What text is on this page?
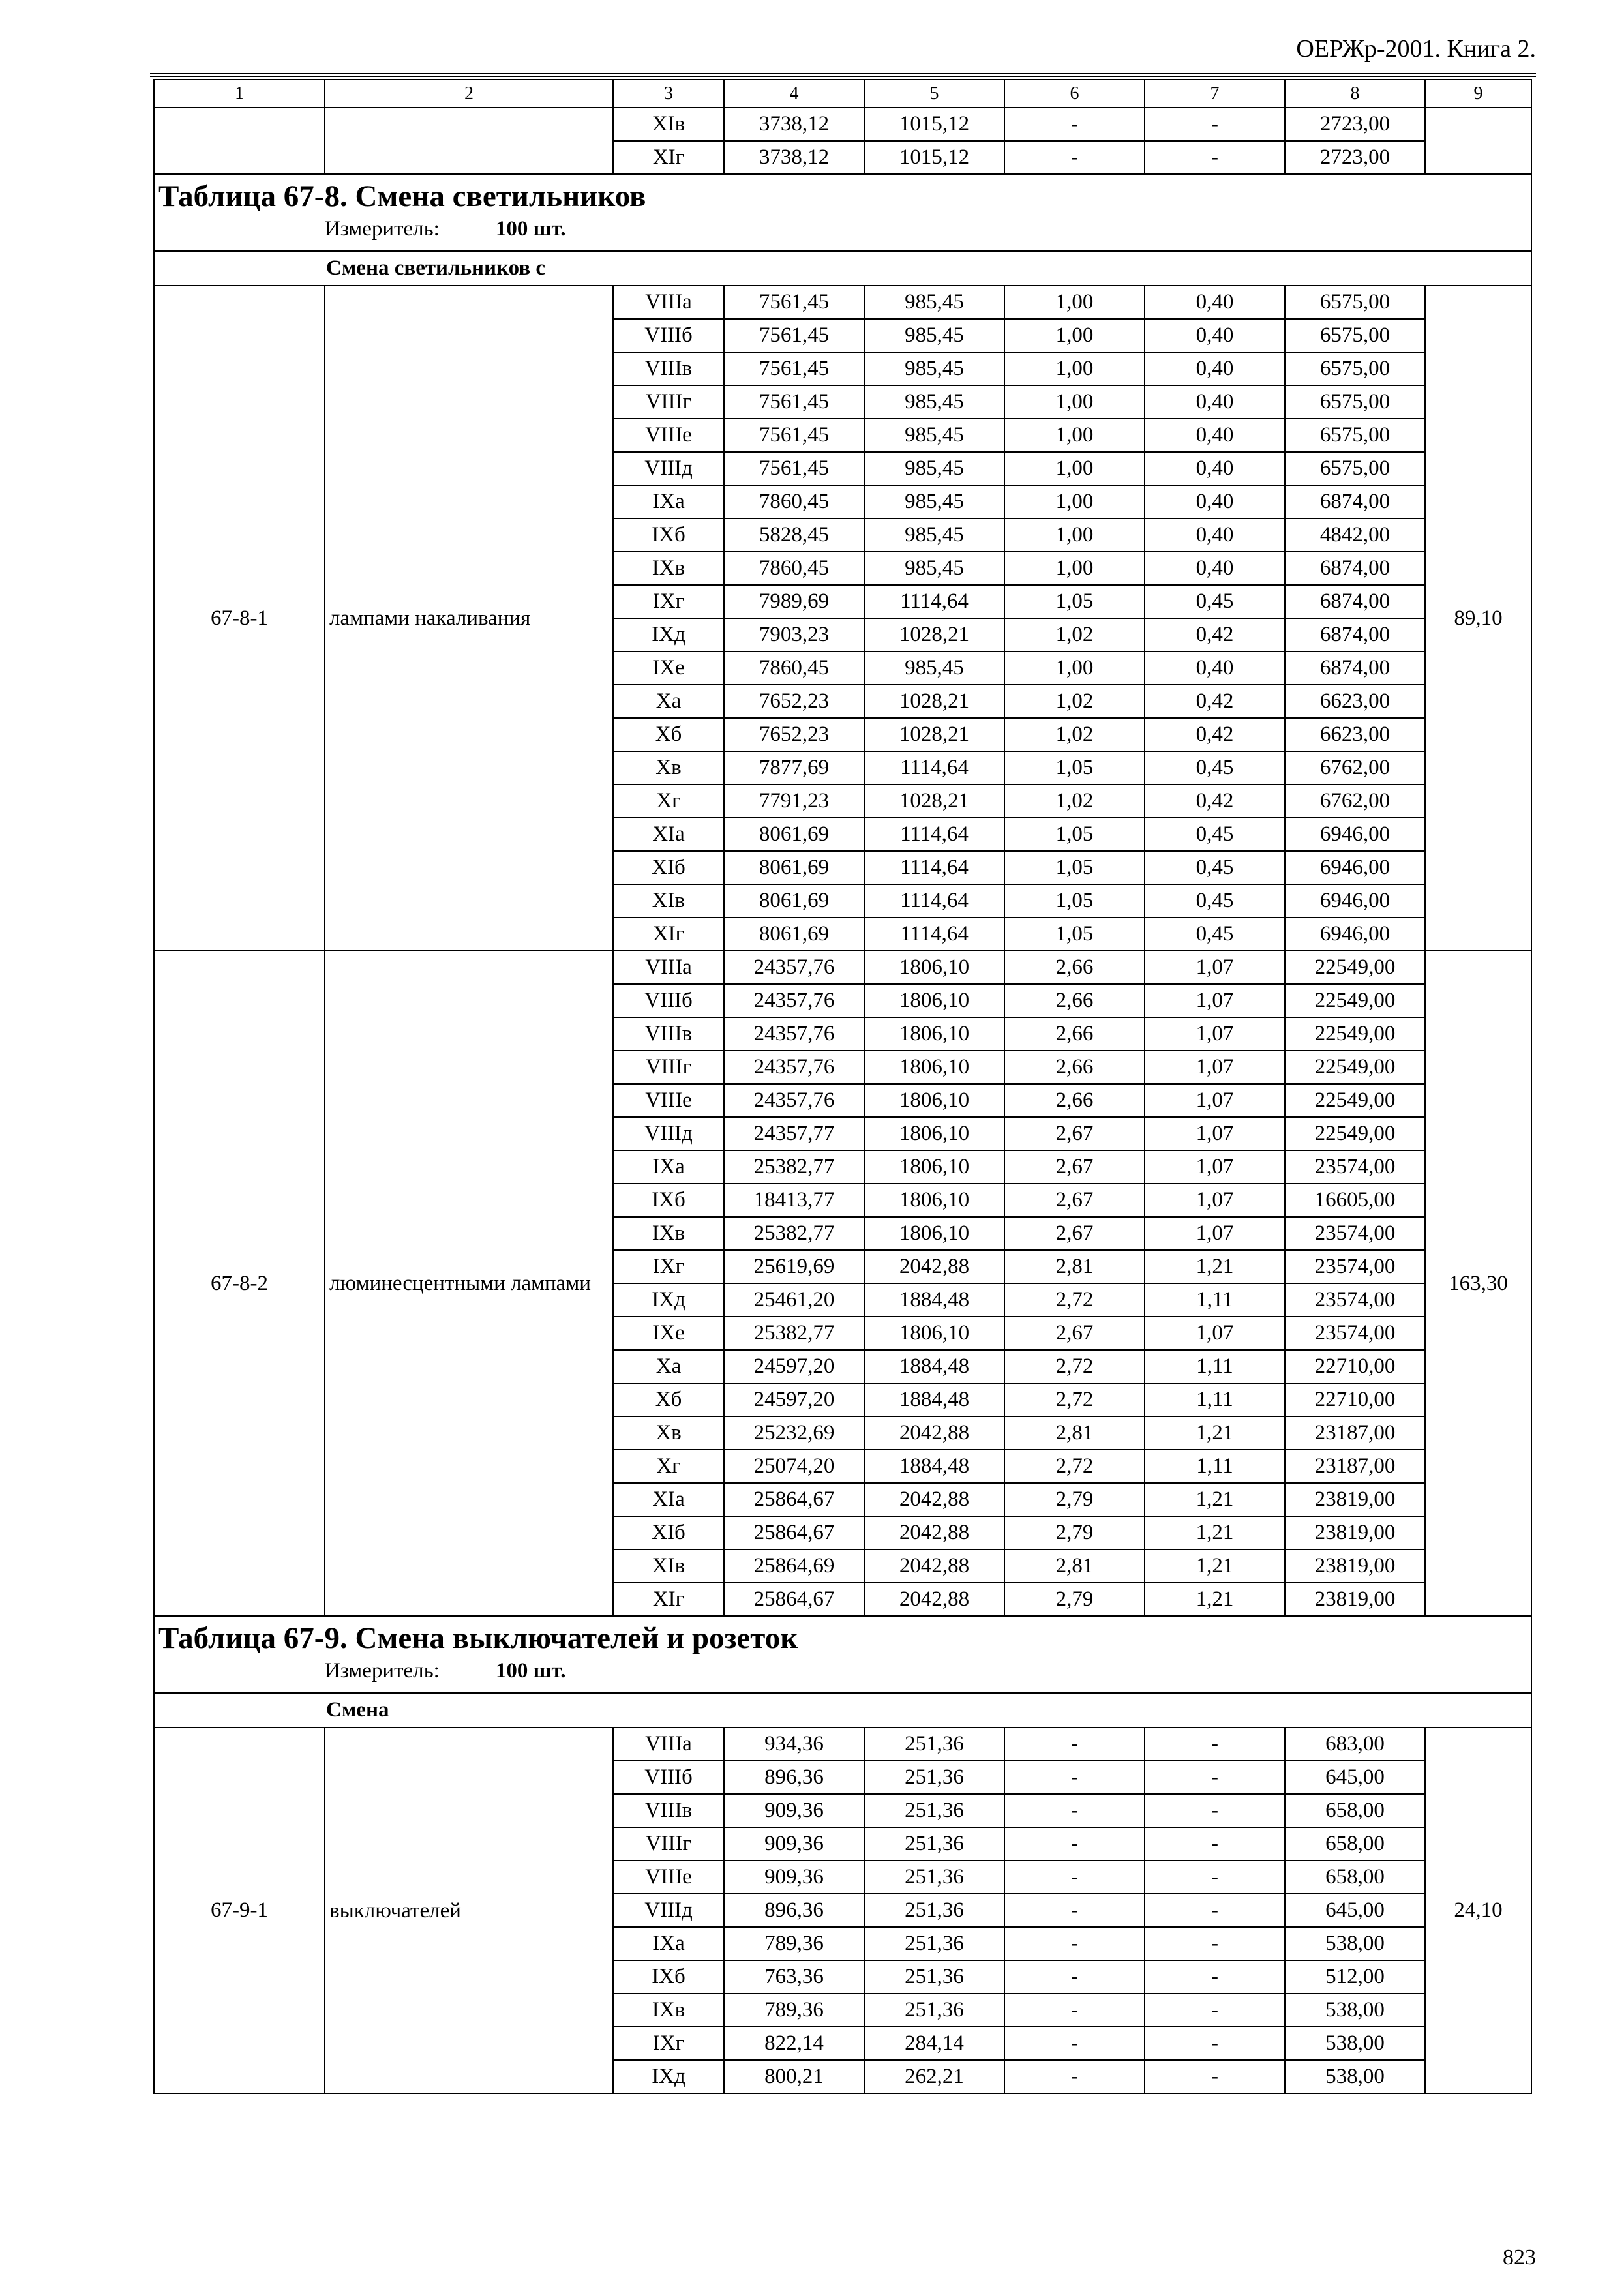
ОЕРЖр-2001. Книга 2.
1	2	3	4	5	6	7	8	9
		XIв	3738,12	1015,12	-	-	2723,00	
		XIг	3738,12	1015,12	-	-	2723,00	

Таблица 67-8. Смена светильников
Измеритель: 100 шт.								

Смена светильников с								
67-8-1	лампами накаливания	VIIIа	7561,45	985,45	1,00	0,40	6575,00	89,10
		VIIIб	7561,45	985,45	1,00	0,40	6575,00	
		VIIIв	7561,45	985,45	1,00	0,40	6575,00	
		VIIIг	7561,45	985,45	1,00	0,40	6575,00	
		VIIIе	7561,45	985,45	1,00	0,40	6575,00	
		VIIIд	7561,45	985,45	1,00	0,40	6575,00	
		IXа	7860,45	985,45	1,00	0,40	6874,00	
		IXб	5828,45	985,45	1,00	0,40	4842,00	
		IXв	7860,45	985,45	1,00	0,40	6874,00	
		IXг	7989,69	1114,64	1,05	0,45	6874,00	
		IXд	7903,23	1028,21	1,02	0,42	6874,00	
		IXе	7860,45	985,45	1,00	0,40	6874,00	
		Xа	7652,23	1028,21	1,02	0,42	6623,00	
		Xб	7652,23	1028,21	1,02	0,42	6623,00	
		Xв	7877,69	1114,64	1,05	0,45	6762,00	
		Xг	7791,23	1028,21	1,02	0,42	6762,00	
		XIа	8061,69	1114,64	1,05	0,45	6946,00	
		XIб	8061,69	1114,64	1,05	0,45	6946,00	
		XIв	8061,69	1114,64	1,05	0,45	6946,00	
		XIг	8061,69	1114,64	1,05	0,45	6946,00	
67-8-2	люминесцентными лампами	VIIIа	24357,76	1806,10	2,66	1,07	22549,00	163,30
		VIIIб	24357,76	1806,10	2,66	1,07	22549,00	
		VIIIв	24357,76	1806,10	2,66	1,07	22549,00	
		VIIIг	24357,76	1806,10	2,66	1,07	22549,00	
		VIIIе	24357,76	1806,10	2,66	1,07	22549,00	
		VIIIд	24357,77	1806,10	2,67	1,07	22549,00	
		IXа	25382,77	1806,10	2,67	1,07	23574,00	
		IXб	18413,77	1806,10	2,67	1,07	16605,00	
		IXв	25382,77	1806,10	2,67	1,07	23574,00	
		IXг	25619,69	2042,88	2,81	1,21	23574,00	
		IXд	25461,20	1884,48	2,72	1,11	23574,00	
		IXе	25382,77	1806,10	2,67	1,07	23574,00	
		Xа	24597,20	1884,48	2,72	1,11	22710,00	
		Xб	24597,20	1884,48	2,72	1,11	22710,00	
		Xв	25232,69	2042,88	2,81	1,21	23187,00	
		Xг	25074,20	1884,48	2,72	1,11	23187,00	
		XIа	25864,67	2042,88	2,79	1,21	23819,00	
		XIб	25864,67	2042,88	2,79	1,21	23819,00	
		XIв	25864,69	2042,88	2,81	1,21	23819,00	
		XIг	25864,67	2042,88	2,79	1,21	23819,00	

Таблица 67-9. Смена выключателей и розеток
Измеритель: 100 шт.								

Смена								
67-9-1	выключателей	VIIIа	934,36	251,36	-	-	683,00	24,10
		VIIIб	896,36	251,36	-	-	645,00	
		VIIIв	909,36	251,36	-	-	658,00	
		VIIIг	909,36	251,36	-	-	658,00	
		VIIIе	909,36	251,36	-	-	658,00	
		VIIIд	896,36	251,36	-	-	645,00	
		IXа	789,36	251,36	-	-	538,00	
		IXб	763,36	251,36	-	-	512,00	
		IXв	789,36	251,36	-	-	538,00	
		IXг	822,14	284,14	-	-	538,00	
		IXд	800,21	262,21	-	-	538,00	
823
